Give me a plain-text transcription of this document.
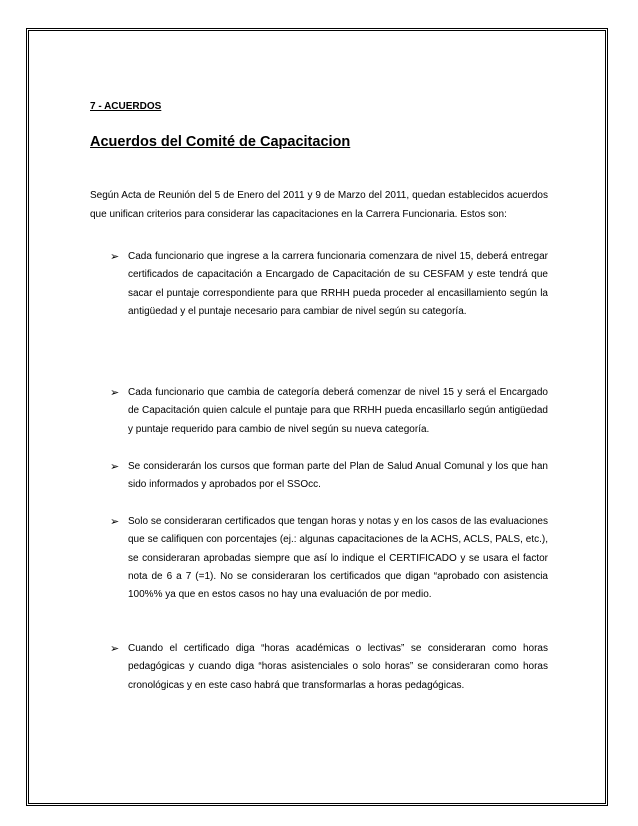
7 - ACUERDOS
Acuerdos del Comité de Capacitacion

Según Acta de Reunión del 5 de Enero del 2011 y 9 de Marzo del 2011, quedan establecidos acuerdos que unifican criterios para considerar las capacitaciones en la Carrera Funcionaria. Estos son:

➢ Cada funcionario que ingrese a la carrera funcionaria comenzara de nivel 15, deberá entregar certificados de capacitación a Encargado de Capacitación de su CESFAM y este tendrá que sacar el puntaje correspondiente para que RRHH pueda proceder al encasillamiento según la antigüedad y el puntaje necesario para cambiar de nivel según su categoría.
➢ Cada funcionario que cambia de categoría deberá comenzar de nivel 15 y será el Encargado de Capacitación quien calcule el puntaje para que RRHH pueda encasillarlo según antigüedad y puntaje requerido para cambio de nivel según su nueva categoría.
➢ Se considerarán los cursos que forman parte del Plan de Salud Anual Comunal y los que han sido informados y aprobados por el SSOcc.
➢ Solo se consideraran certificados que tengan horas y notas y en los casos de las evaluaciones que se califiquen con porcentajes (ej.: algunas capacitaciones de la ACHS, ACLS, PALS, etc.), se consideraran aprobadas siempre que así lo indique el CERTIFICADO y se usara el factor nota de 6 a 7 (=1). No se consideraran los certificados que digan “aprobado con asistencia 100%% ya que en estos casos no hay una evaluación de por medio.
➢ Cuando el certificado diga “horas académicas o lectivas” se consideraran como horas pedagógicas y cuando diga “horas asistenciales o solo horas” se consideraran como horas cronológicas y en este caso habrá que transformarlas a horas pedagógicas.
